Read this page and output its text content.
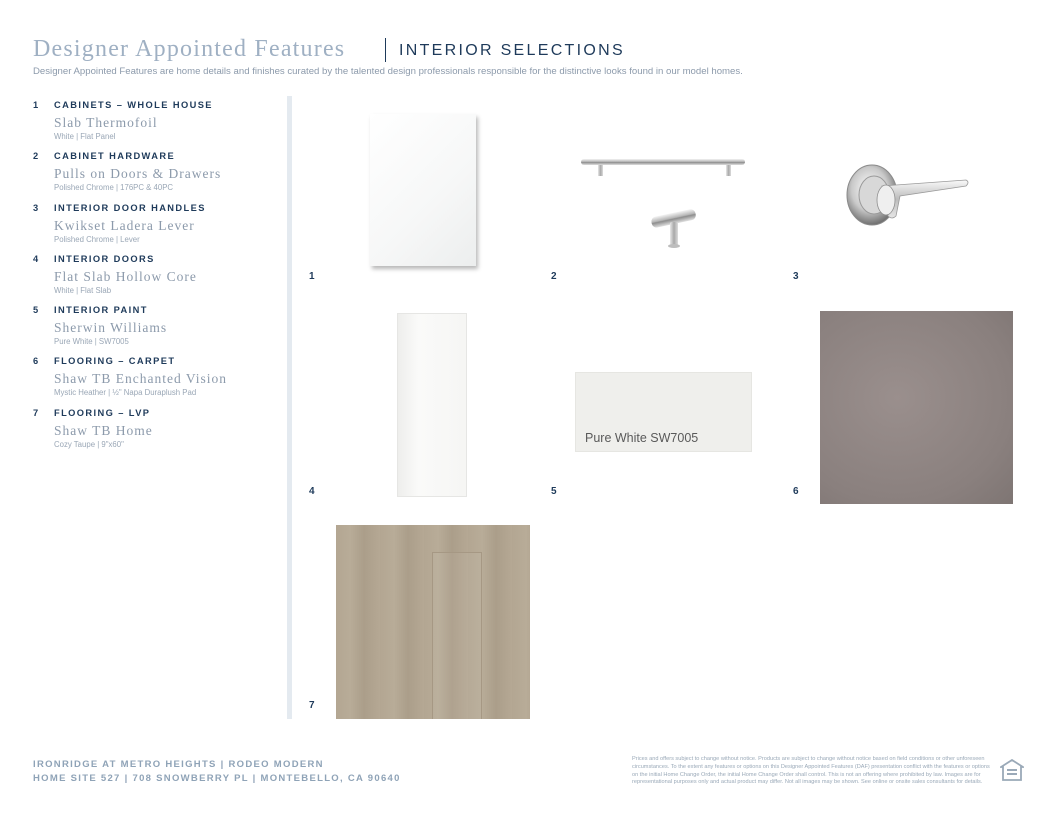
Designer Appointed Features	INTERIOR SELECTIONS
Designer Appointed Features are home details and finishes curated by the talented design professionals responsible for the distinctive looks found in our model homes.
1	CABINETS – WHOLE HOUSE
Slab Thermofoil
White | Flat Panel
2	CABINET HARDWARE
Pulls on Doors & Drawers
Polished Chrome | 176PC & 40PC
3	INTERIOR DOOR HANDLES
Kwikset Ladera Lever
Polished Chrome | Lever
4	INTERIOR DOORS
Flat Slab Hollow Core
White | Flat Slab
5	INTERIOR PAINT
Sherwin Williams
Pure White | SW7005
6	FLOORING – CARPET
Shaw TB Enchanted Vision
Mystic Heather | ½" Napa Duraplush Pad
7	FLOORING – LVP
Shaw TB Home
Cozy Taupe | 9"x60"
1	2	3
4
Pure White SW7005
5	6
7
IRONRIDGE AT METRO HEIGHTS | RODEO MODERN
HOME SITE 527 | 708 SNOWBERRY PL | MONTEBELLO, CA 90640
Prices and offers subject to change without notice. Products are subject to change without notice based on field conditions or other unforeseen circumstances. To the extent any features or options on this Designer Appointed Features (DAF) presentation conflict with the features or options on the initial Home Change Order, the initial Home Change Order shall control. This is not an offering where prohibited by law. Images are for representational purposes only and actual product may differ. Not all images may be shown. See online or onsite sales consultants for details.
